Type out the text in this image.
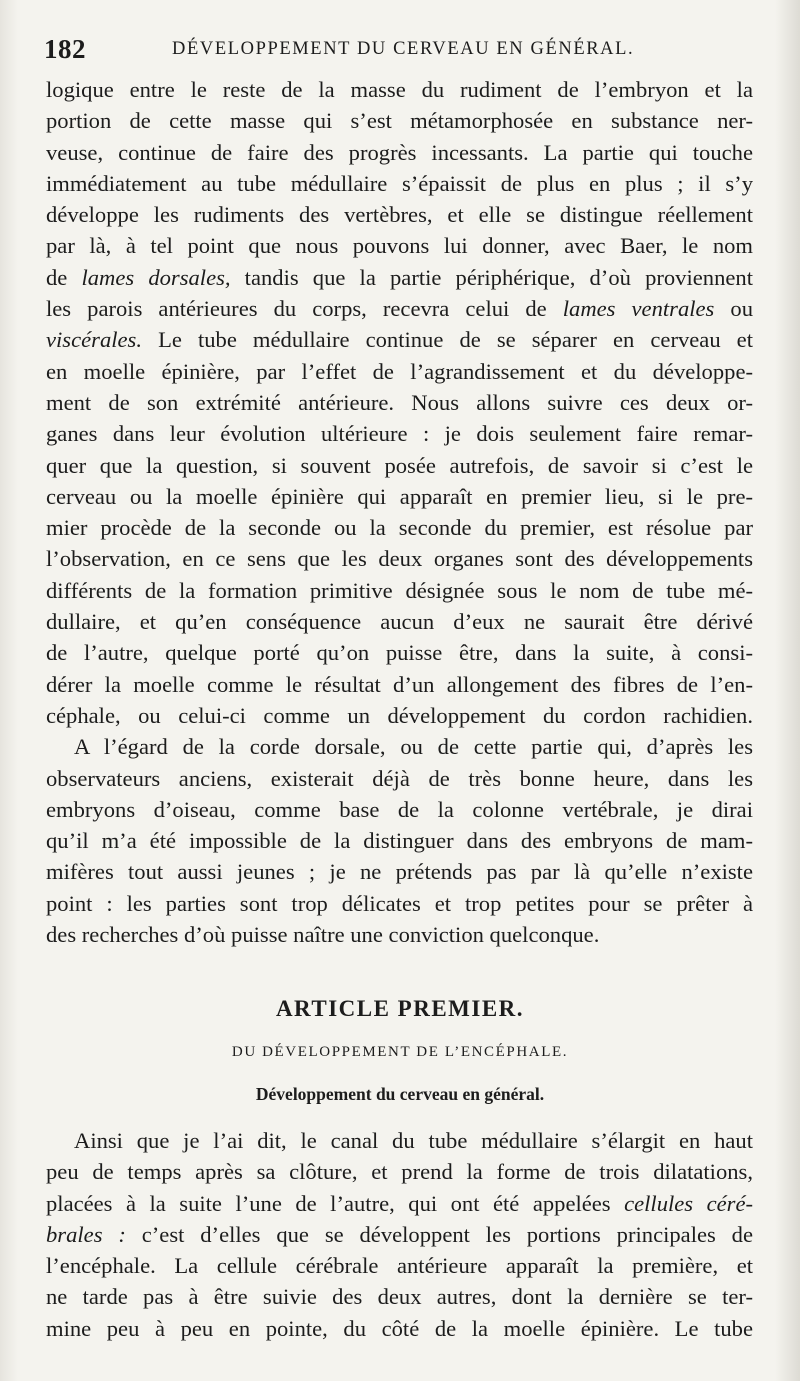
182	DÉVELOPPEMENT DU CERVEAU EN GÉNÉRAL.
logique entre le reste de la masse du rudiment de l’embryon et la
portion de cette masse qui s’est métamorphosée en substance ner-
veuse, continue de faire des progrès incessants. La partie qui touche
immédiatement au tube médullaire s’épaissit de plus en plus ; il s’y
développe les rudiments des vertèbres, et elle se distingue réellement
par là, à tel point que nous pouvons lui donner, avec Baer, le nom
de lames dorsales, tandis que la partie périphérique, d’où proviennent
les parois antérieures du corps, recevra celui de lames ventrales ou
viscérales. Le tube médullaire continue de se séparer en cerveau et
en moelle épinière, par l’effet de l’agrandissement et du développe-
ment de son extrémité antérieure. Nous allons suivre ces deux or-
ganes dans leur évolution ultérieure : je dois seulement faire remar-
quer que la question, si souvent posée autrefois, de savoir si c’est le
cerveau ou la moelle épinière qui apparaît en premier lieu, si le pre-
mier procède de la seconde ou la seconde du premier, est résolue par
l’observation, en ce sens que les deux organes sont des développements
différents de la formation primitive désignée sous le nom de tube mé-
dullaire, et qu’en conséquence aucun d’eux ne saurait être dérivé
de l’autre, quelque porté qu’on puisse être, dans la suite, à consi-
dérer la moelle comme le résultat d’un allongement des fibres de l’en-
céphale, ou celui-ci comme un développement du cordon rachidien.
A l’égard de la corde dorsale, ou de cette partie qui, d’après les
observateurs anciens, existerait déjà de très bonne heure, dans les
embryons d’oiseau, comme base de la colonne vertébrale, je dirai
qu’il m’a été impossible de la distinguer dans des embryons de mam-
mifères tout aussi jeunes ; je ne prétends pas par là qu’elle n’existe
point : les parties sont trop délicates et trop petites pour se prêter à
des recherches d’où puisse naître une conviction quelconque.
ARTICLE PREMIER.
DU DÉVELOPPEMENT DE L’ENCÉPHALE.
Développement du cerveau en général.
Ainsi que je l’ai dit, le canal du tube médullaire s’élargit en haut
peu de temps après sa clôture, et prend la forme de trois dilatations,
placées à la suite l’une de l’autre, qui ont été appelées cellules céré-
brales : c’est d’elles que se développent les portions principales de
l’encéphale. La cellule cérébrale antérieure apparaît la première, et
ne tarde pas à être suivie des deux autres, dont la dernière se ter-
mine peu à peu en pointe, du côté de la moelle épinière. Le tube
